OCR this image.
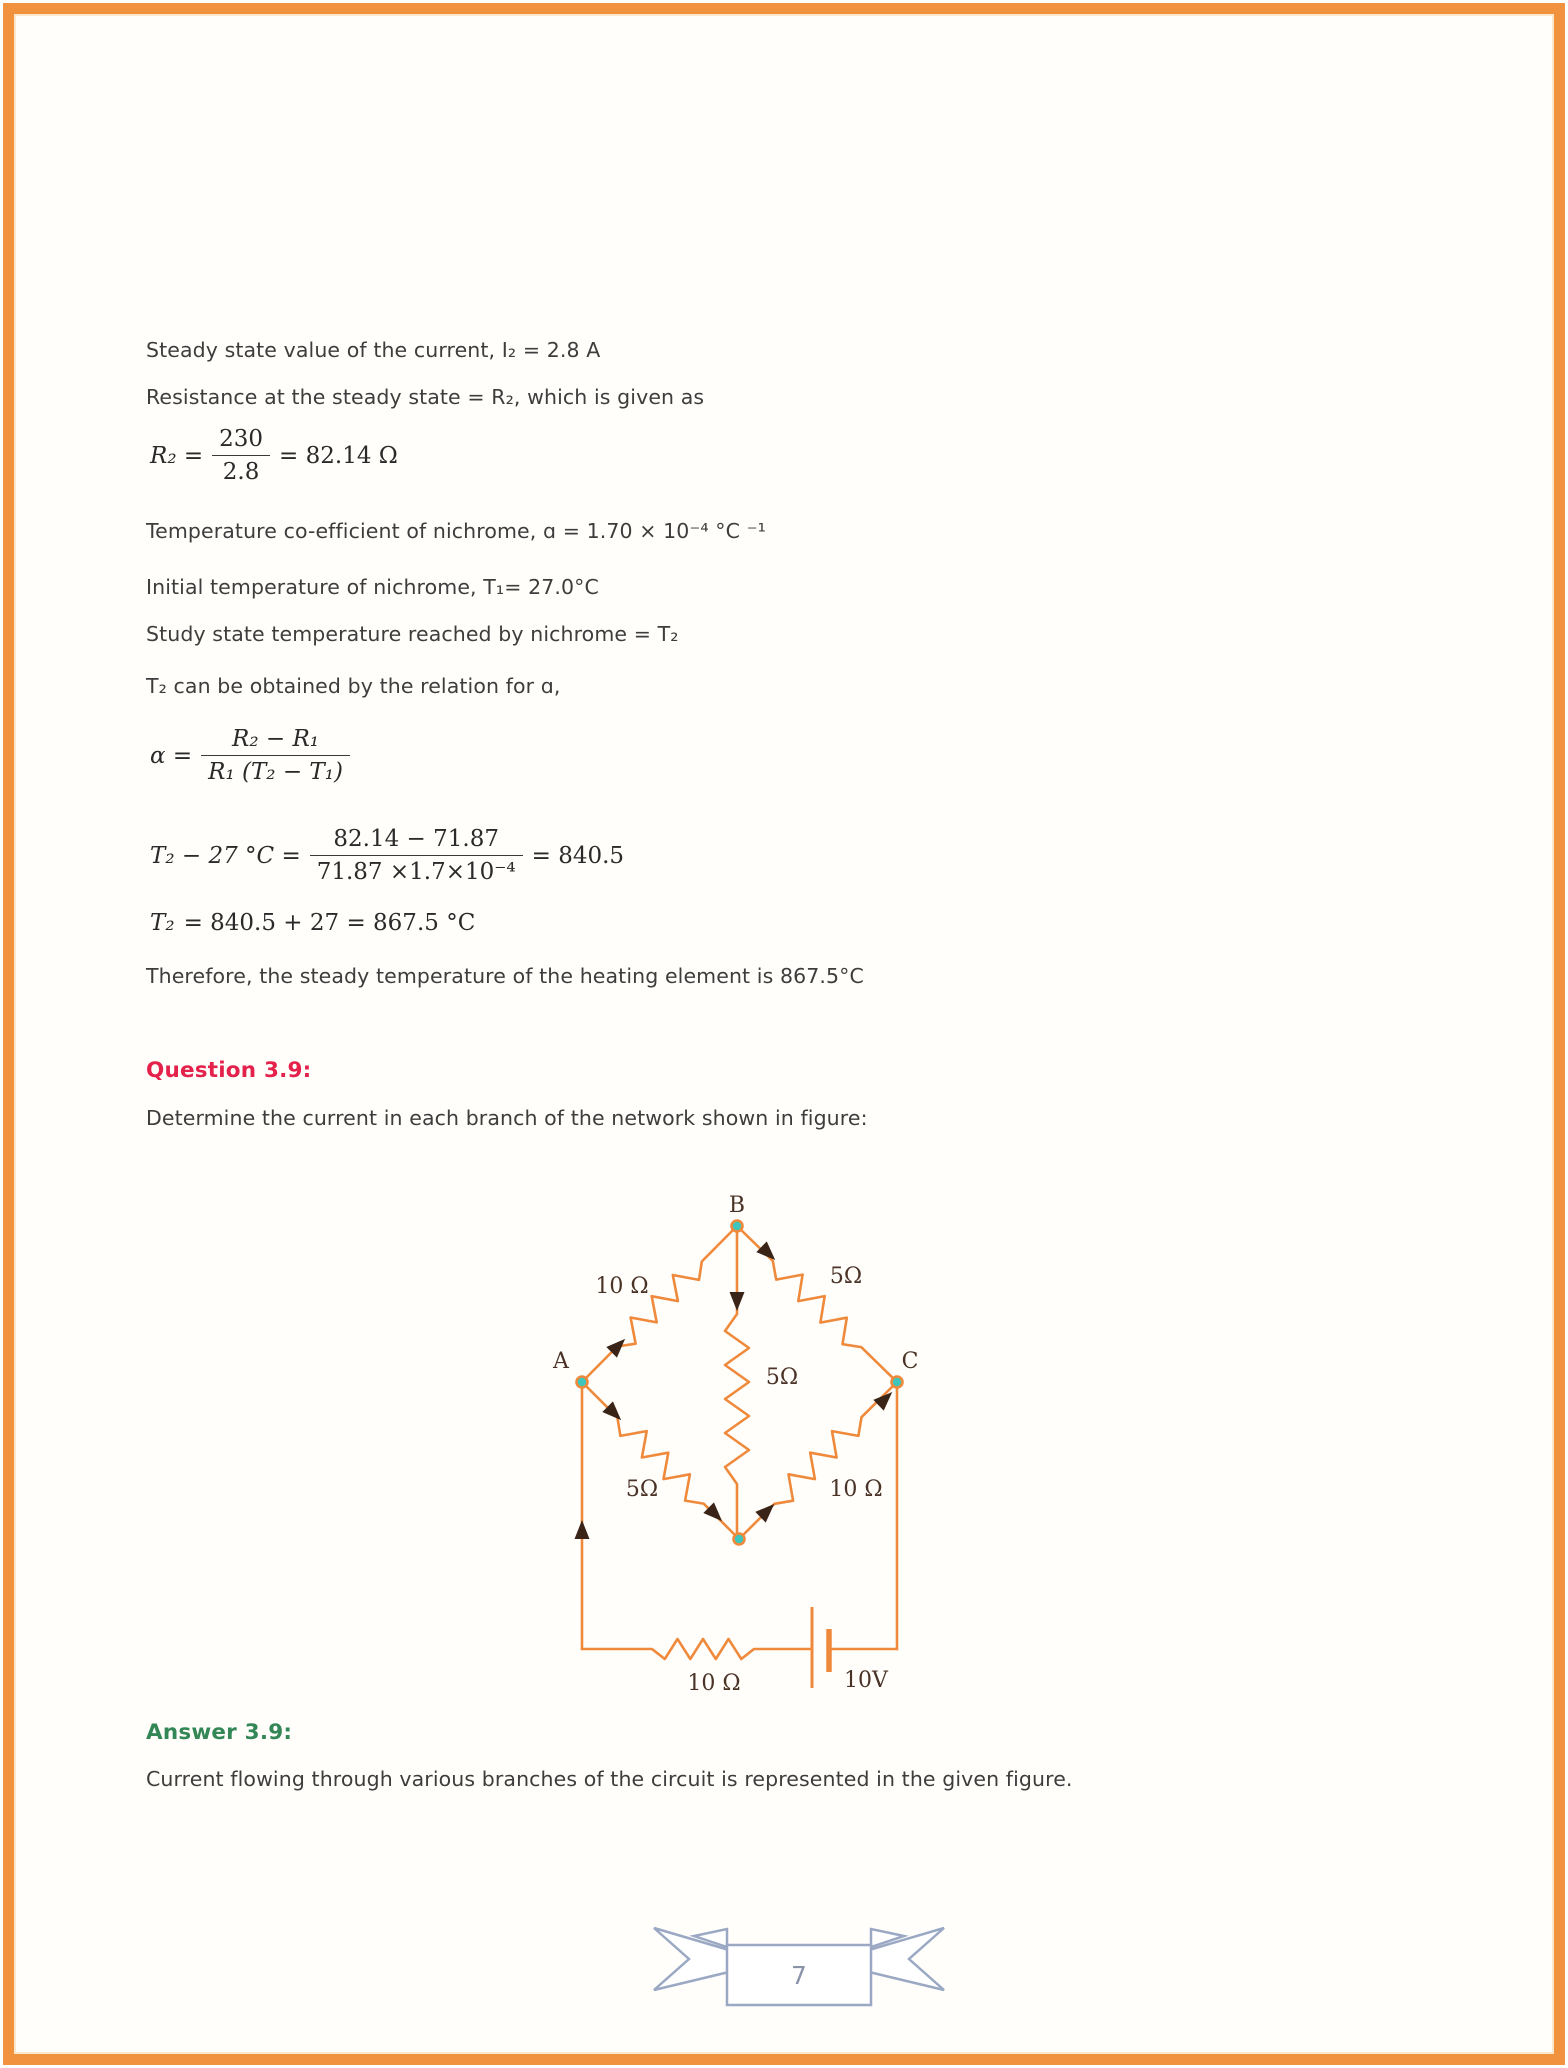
Steady state value of the current, I₂ = 2.8 A
Resistance at the steady state = R₂, which is given as
$R_2 = \frac{230}{2.8} = 82.14$ Ω
Temperature co-efficient of nichrome, ɑ = 1.70 × 10⁻⁴ °C ⁻¹
Initial temperature of nichrome, T₁= 27.0°C
Study state temperature reached by nichrome = T₂
T₂ can be obtained by the relation for ɑ,
$\alpha = \frac{\text{R₂ − R₁}}{\text{R₁ (T₂ − T₁)}}$
T₂ − 27 $^\circ C = \frac{82.14 - 71.87}{\text{71.87 ×1.7×10⁻⁴}} = 840.5$
T₂ = 840.5 + 27 = 867.5 °C
Therefore, the steady temperature of the heating element is 867.5°C
Question 3.9:
Determine the current in each branch of the network shown in figure:
B
A	C
10 Ω	5Ω
5Ω
5Ω	10 Ω
10 Ω	10V
Answer 3.9:
Current flowing through various branches of the circuit is represented in the given figure.
7
